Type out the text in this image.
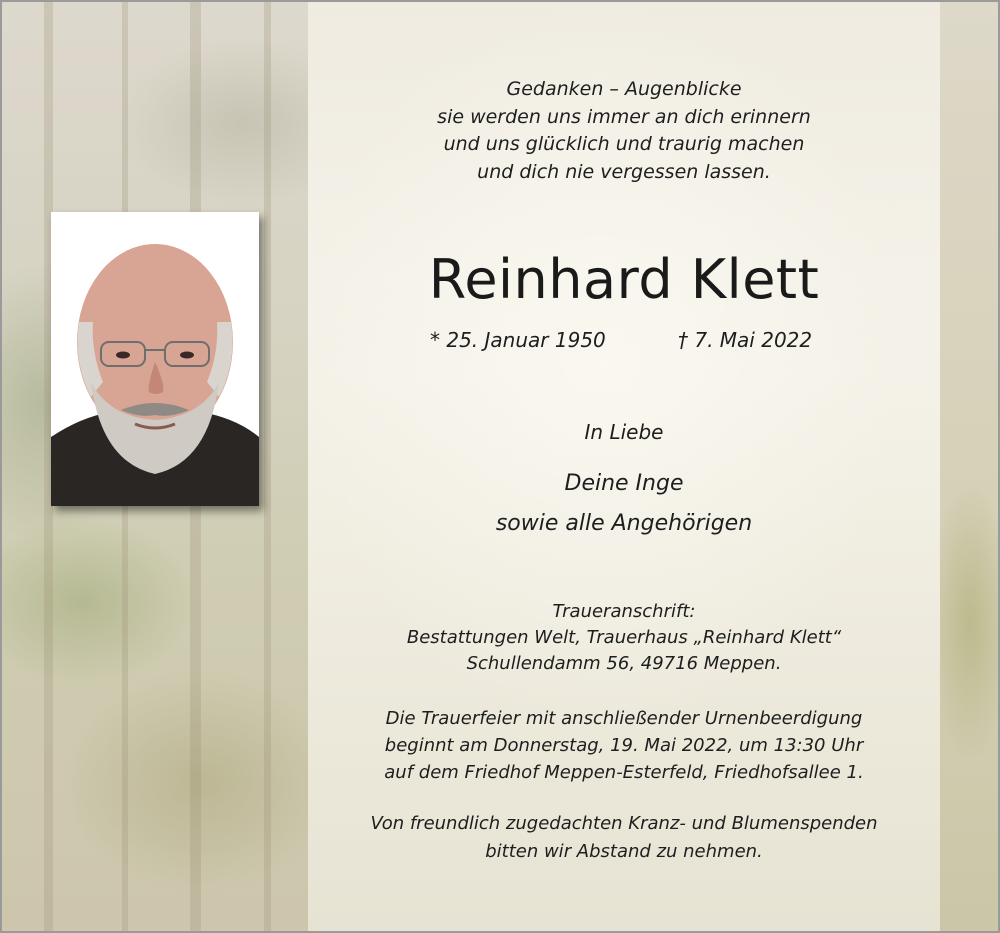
Gedanken – Augenblicke
sie werden uns immer an dich erinnern
und uns glücklich und traurig machen
und dich nie vergessen lassen.
Reinhard Klett
* 25. Januar 1950	† 7. Mai 2022
In Liebe
Deine Inge
sowie alle Angehörigen
Traueranschrift:
Bestattungen Welt, Trauerhaus „Reinhard Klett“
Schullendamm 56, 49716 Meppen.
Die Trauerfeier mit anschließender Urnenbeerdigung
beginnt am Donnerstag, 19. Mai 2022, um 13:30 Uhr
auf dem Friedhof Meppen-Esterfeld, Friedhofsallee 1.
Von freundlich zugedachten Kranz- und Blumenspenden
bitten wir Abstand zu nehmen.
